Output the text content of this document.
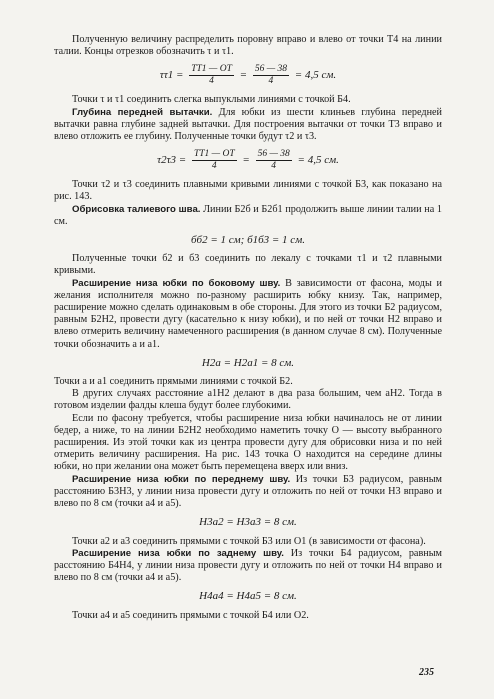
Полученную величину распределить поровну вправо и влево от точки T4 на линии талии. Концы отрезков обозначить τ и τ1.

$\tau\tau 1 = \frac{TT1 — OT}{4} = \frac{56 — 38}{4} = 4,5$ см.

Точки τ и τ1 соединить слегка выпуклыми линиями с точкой Б4.

Глубина передней вытачки. Для юбки из шести клиньев глубина передней вытачки равна глубине задней вытачки. Для построения вытачки от точки T3 вправо и влево отложить ее глубину. Полученные точки будут τ2 и τ3.

$\tau 2\tau 3 = \frac{TT1 — OT}{4} = \frac{56 — 38}{4} = 4,5$ см.

Точки τ2 и τ3 соединить плавными кривыми линиями с точкой Б3, как показано на рис. 143.

Обрисовка талиевого шва. Линии Б2б и Б2б1 продолжить выше линии талии на 1 см.

бб2 = 1 см; б1б3 = 1 см.

Полученные точки б2 и б3 соединить по лекалу с точками τ1 и τ2 плавными кривыми.

Расширение низа юбки по боковому шву. В зависимости от фасона, моды и желания исполнителя можно по-разному расширить юбку книзу. Так, например, расширение можно сделать одинаковым в обе стороны. Для этого из точки Б2 радиусом, равным Б2H2, провести дугу (касательно к низу юбки), и по ней от точки H2 вправо и влево отмерить величину намеченного расширения (в данном случае 8 см). Полученные точки обозначить а и а1.

H2а = H2а1 = 8 см.

Точки а и а1 соединить прямыми линиями с точкой Б2.

В других случаях расстояние а1H2 делают в два раза большим, чем аH2. Тогда в готовом изделии фалды клеша будут более глубокими.

Если по фасону требуется, чтобы расширение низа юбки начиналось не от линии бедер, а ниже, то на линии Б2H2 необходимо наметить точку O — высоту выбранного расширения. Из этой точки как из центра провести дугу для обрисовки низа и по ней отмерить величину расширения. На рис. 143 точка O находится на середине длины юбки, но при желании она может быть перемещена вверх или вниз.

Расширение низа юбки по переднему шву. Из точки Б3 радиусом, равным расстоянию Б3H3, у линии низа провести дугу и отложить по ней от точки H3 вправо и влево по 8 см (точки а4 и а5).

H3а2 = H3а3 = 8 см.

Точки а2 и а3 соединить прямыми с точкой Б3 или O1 (в зависимости от фасона).

Расширение низа юбки по заднему шву. Из точки Б4 радиусом, равным расстоянию Б4H4, у линии низа провести дугу и отложить по ней от точки H4 вправо и влево по 8 см (точки а4 и а5).

H4а4 = H4а5 = 8 см.

Точки а4 и а5 соединить прямыми с точкой Б4 или O2.

235
